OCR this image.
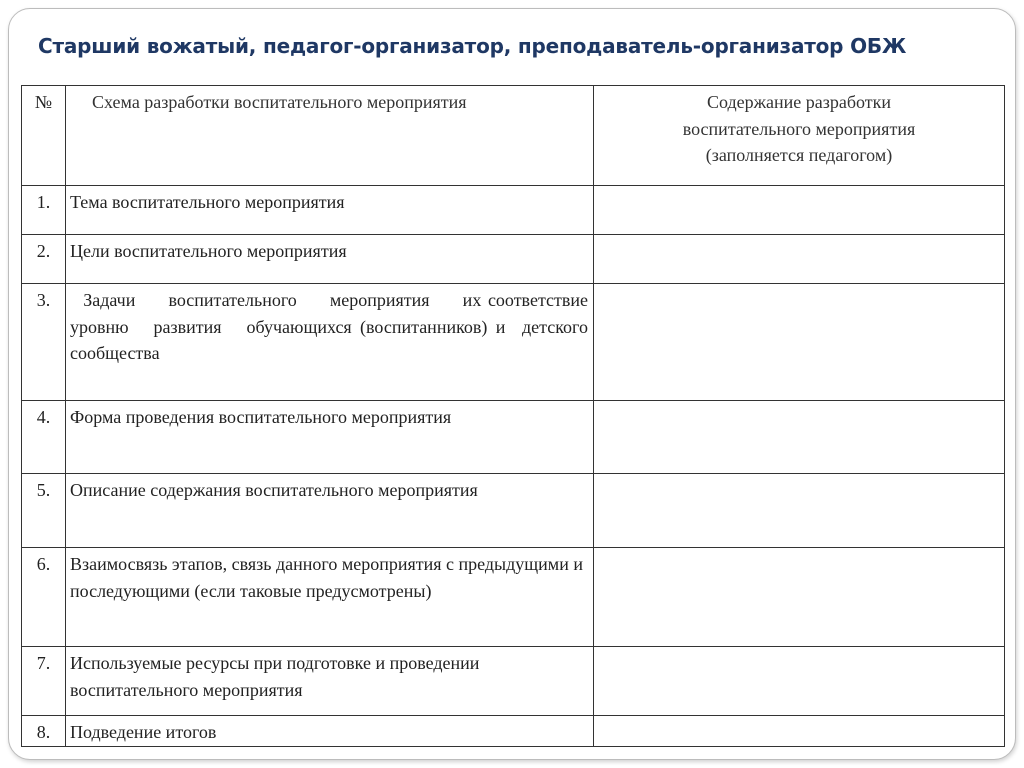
Старший вожатый, педагог-организатор, преподаватель-организатор ОБЖ
№	Схема разработки воспитательного мероприятия	Содержание разработки
воспитательного мероприятия
(заполняется педагогом)

1.	Тема воспитательного мероприятия	
2.	Цели воспитательного мероприятия	
3.	Задачи     воспитательного     мероприятия     их соответствие   уровню   развития   обучающихся (воспитанников) и  детского сообщества	
4.	Форма проведения воспитательного мероприятия	
5.	Описание содержания воспитательного мероприятия	
6.	Взаимосвязь этапов, связь данного мероприятия с предыдущими и последующими (если таковые предусмотрены)	
7.	Используемые ресурсы при подготовке и проведении воспитательного мероприятия	
8.	Подведение итогов	
